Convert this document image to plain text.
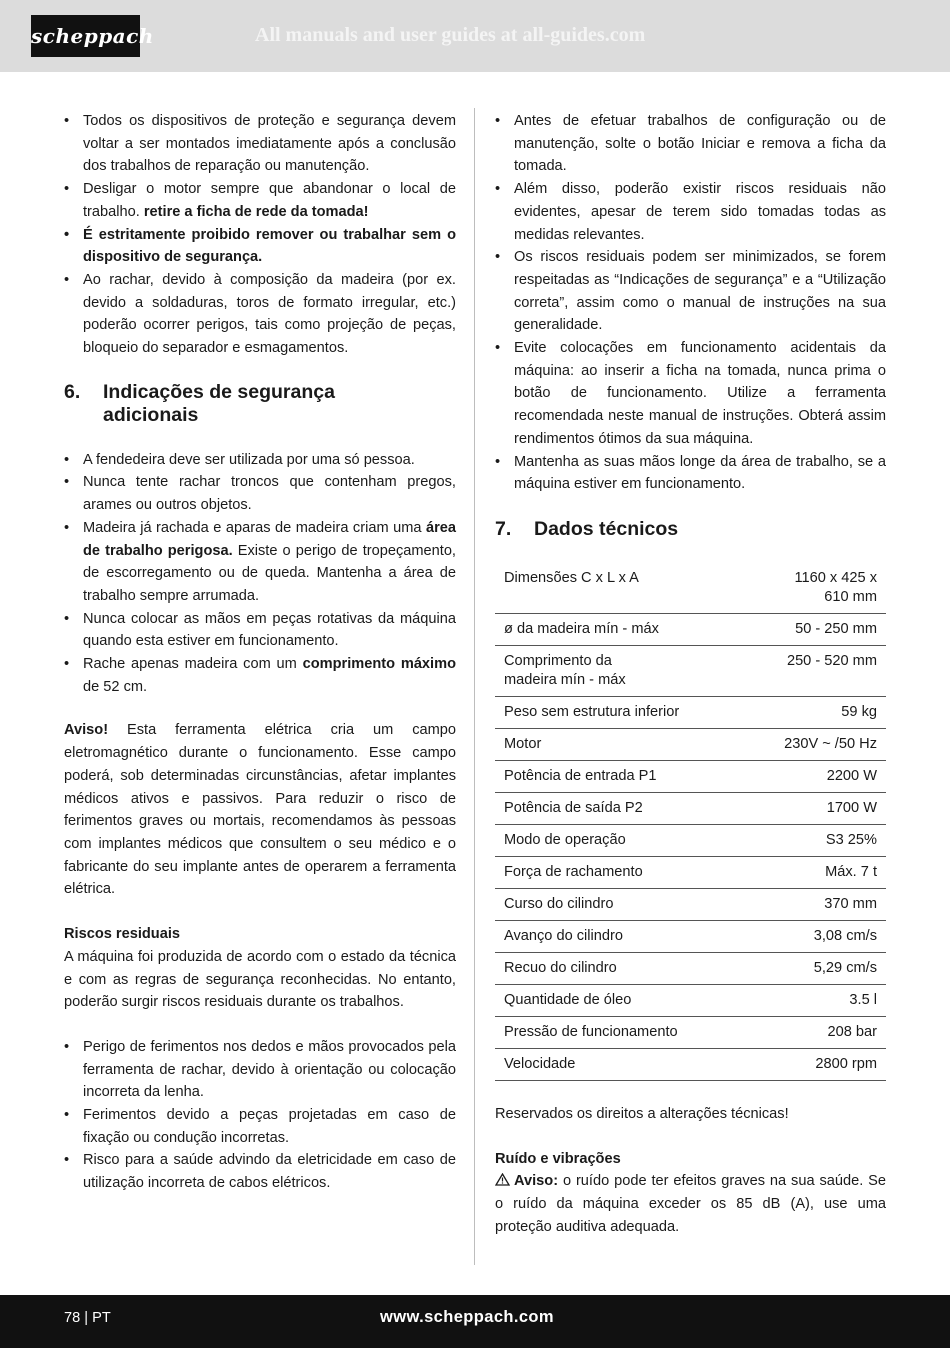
scheppach	All manuals and user guides at all-guides.com
• Todos os dispositivos de proteção e segurança devem voltar a ser montados imediatamente após a conclusão dos trabalhos de reparação ou manutenção.
• Desligar o motor sempre que abandonar o local de trabalho. retire a ficha de rede da tomada!
• É estritamente proibido remover ou trabalhar sem o dispositivo de segurança.
• Ao rachar, devido à composição da madeira (por ex. devido a soldaduras, toros de formato irregular, etc.) poderão ocorrer perigos, tais como projeção de peças, bloqueio do separador e esmagamentos.
6.	Indicações de segurança adicionais
• A fendedeira deve ser utilizada por uma só pessoa.
• Nunca tente rachar troncos que contenham pregos, arames ou outros objetos.
• Madeira já rachada e aparas de madeira criam uma área de trabalho perigosa. Existe o perigo de tropeçamento, de escorregamento ou de queda. Mantenha a área de trabalho sempre arrumada.
• Nunca colocar as mãos em peças rotativas da máquina quando esta estiver em funcionamento.
• Rache apenas madeira com um comprimento máximo de 52 cm.

Aviso! Esta ferramenta elétrica cria um campo eletromagnético durante o funcionamento. Esse campo poderá, sob determinadas circunstâncias, afetar implantes médicos ativos e passivos. Para reduzir o risco de ferimentos graves ou mortais, recomendamos às pessoas com implantes médicos que consultem o seu médico e o fabricante do seu implante antes de operarem a ferramenta elétrica.

Riscos residuais

A máquina foi produzida de acordo com o estado da técnica e com as regras de segurança reconhecidas. No entanto, poderão surgir riscos residuais durante os trabalhos.

• Perigo de ferimentos nos dedos e mãos provocados pela ferramenta de rachar, devido à orientação ou colocação incorreta da lenha.
• Ferimentos devido a peças projetadas em caso de fixação ou condução incorretas.
• Risco para a saúde advindo da eletricidade em caso de utilização incorreta de cabos elétricos.
• Antes de efetuar trabalhos de configuração ou de manutenção, solte o botão Iniciar e remova a ficha da tomada.
• Além disso, poderão existir riscos residuais não evidentes, apesar de terem sido tomadas todas as medidas relevantes.
• Os riscos residuais podem ser minimizados, se forem respeitadas as “Indicações de segurança” e a “Utilização correta”, assim como o manual de instruções na sua generalidade.
• Evite colocações em funcionamento acidentais da máquina: ao inserir a ficha na tomada, nunca prima o botão de funcionamento. Utilize a ferramenta recomendada neste manual de instruções. Obterá assim rendimentos ótimos da sua máquina.
• Mantenha as suas mãos longe da área de trabalho, se a máquina estiver em funcionamento.
7.	Dados técnicos
Dimensões C x L x A	1160 x 425 x 610 mm
ø da madeira mín - máx	50 - 250 mm
Comprimento da madeira mín - máx	250 - 520 mm
Peso sem estrutura inferior	59 kg
Motor	230V ~ /50 Hz
Potência de entrada P1	2200 W
Potência de saída P2	1700 W
Modo de operação	S3 25%
Força de rachamento	Máx. 7 t
Curso do cilindro	370 mm
Avanço do cilindro	3,08 cm/s
Recuo do cilindro	5,29 cm/s
Quantidade de óleo	3.5 l
Pressão de funcionamento	208 bar
Velocidade	2800 rpm

Reservados os direitos a alterações técnicas!

Ruído e vibrações

Aviso: o ruído pode ter efeitos graves na sua saúde. Se o ruído da máquina exceder os 85 dB (A), use uma proteção auditiva adequada.

78 | PT	www.scheppach.com
